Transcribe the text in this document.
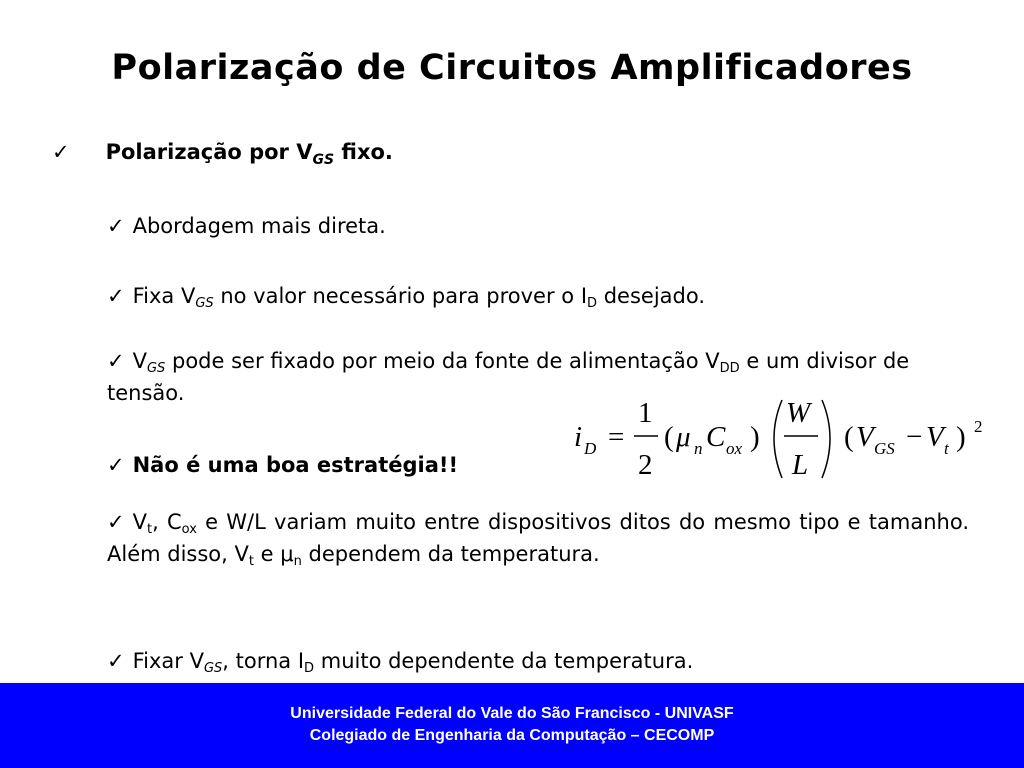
Polarização de Circuitos Amplificadores
✓ Polarização por $V_{GS}$ fixo.
✓ Abordagem mais direta.
✓ Fixa $V_{GS}$ no valor necessário para prover o $I_D$ desejado.
✓ $V_{GS}$ pode ser fixado por meio da fonte de alimentação $V_{DD}$ e um divisor de tensão.
✓ Não é uma boa estratégia!!
i D =
1
2
( μ n C ox )
W
L
( V GS − V t ) 2
✓ $V_t$, $C_{ox}$ e W/L variam muito entre dispositivos ditos do mesmo tipo e tamanho. Além disso, $V_t$ e $\mu_n$ dependem da temperatura.
✓ Fixar $V_{GS}$, torna $I_D$ muito dependente da temperatura.
Universidade Federal do Vale do São Francisco - UNIVASF
Colegiado de Engenharia da Computação – CECOMP
